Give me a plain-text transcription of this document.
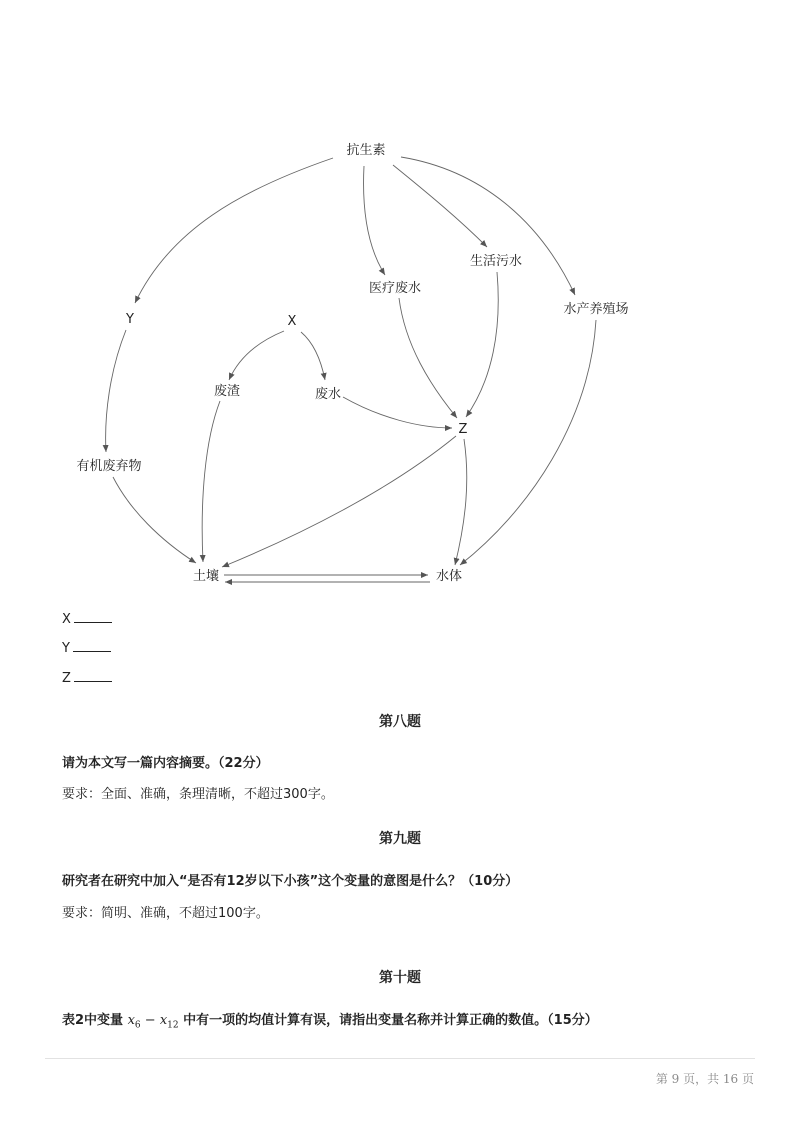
抗生素
生活污水
医疗废水
水产养殖场
Y	X
废渣	废水
Z
有机废弃物
土壤	水体
X
Y
Z
第八题
请为本文写一篇内容摘要。（22分）
要求：全面、准确，条理清晰，不超过300字。
第九题
研究者在研究中加入“是否有12岁以下小孩”这个变量的意图是什么？（10分）
要求：简明、准确，不超过100字。
第十题
表2中变量 $x_6 - x_{12}$ 中有一项的均值计算有误，请指出变量名称并计算正确的数值。（15分）
第 9 页，共 16 页
